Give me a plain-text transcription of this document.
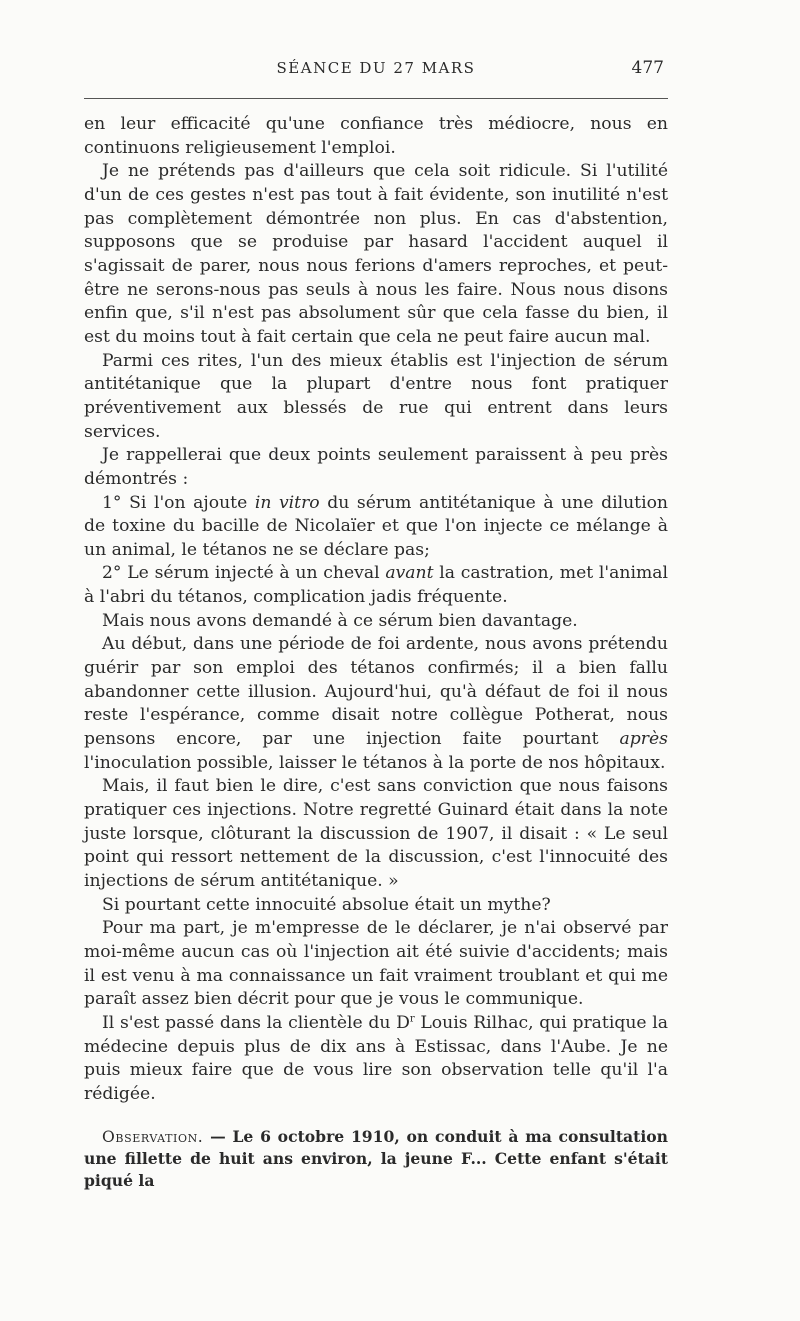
SÉANCE DU 27 MARS	477

en leur efficacité qu'une confiance très médiocre, nous en continuons religieusement l'emploi.

Je ne prétends pas d'ailleurs que cela soit ridicule. Si l'utilité d'un de ces gestes n'est pas tout à fait évidente, son inutilité n'est pas complètement démontrée non plus. En cas d'abstention, supposons que se produise par hasard l'accident auquel il s'agissait de parer, nous nous ferions d'amers reproches, et peut-être ne serons-nous pas seuls à nous les faire. Nous nous disons enfin que, s'il n'est pas absolument sûr que cela fasse du bien, il est du moins tout à fait certain que cela ne peut faire aucun mal.

Parmi ces rites, l'un des mieux établis est l'injection de sérum antitétanique que la plupart d'entre nous font pratiquer préventivement aux blessés de rue qui entrent dans leurs services.

Je rappellerai que deux points seulement paraissent à peu près démontrés :

1° Si l'on ajoute in vitro du sérum antitétanique à une dilution de toxine du bacille de Nicolaïer et que l'on injecte ce mélange à un animal, le tétanos ne se déclare pas;

2° Le sérum injecté à un cheval avant la castration, met l'animal à l'abri du tétanos, complication jadis fréquente.

Mais nous avons demandé à ce sérum bien davantage.

Au début, dans une période de foi ardente, nous avons prétendu guérir par son emploi des tétanos confirmés; il a bien fallu abandonner cette illusion. Aujourd'hui, qu'à défaut de foi il nous reste l'espérance, comme disait notre collègue Potherat, nous pensons encore, par une injection faite pourtant après l'inoculation possible, laisser le tétanos à la porte de nos hôpitaux.

Mais, il faut bien le dire, c'est sans conviction que nous faisons pratiquer ces injections. Notre regretté Guinard était dans la note juste lorsque, clôturant la discussion de 1907, il disait : « Le seul point qui ressort nettement de la discussion, c'est l'innocuité des injections de sérum antitétanique. »

Si pourtant cette innocuité absolue était un mythe?

Pour ma part, je m'empresse de le déclarer, je n'ai observé par moi-même aucun cas où l'injection ait été suivie d'accidents; mais il est venu à ma connaissance un fait vraiment troublant et qui me paraît assez bien décrit pour que je vous le communique.

Il s'est passé dans la clientèle du $D^r$ Louis Rilhac, qui pratique la médecine depuis plus de dix ans à Estissac, dans l'Aube. Je ne puis mieux faire que de vous lire son observation telle qu'il l'a rédigée.

Observation. — Le 6 octobre 1910, on conduit à ma consultation une fillette de huit ans environ, la jeune F... Cette enfant s'était piqué la
